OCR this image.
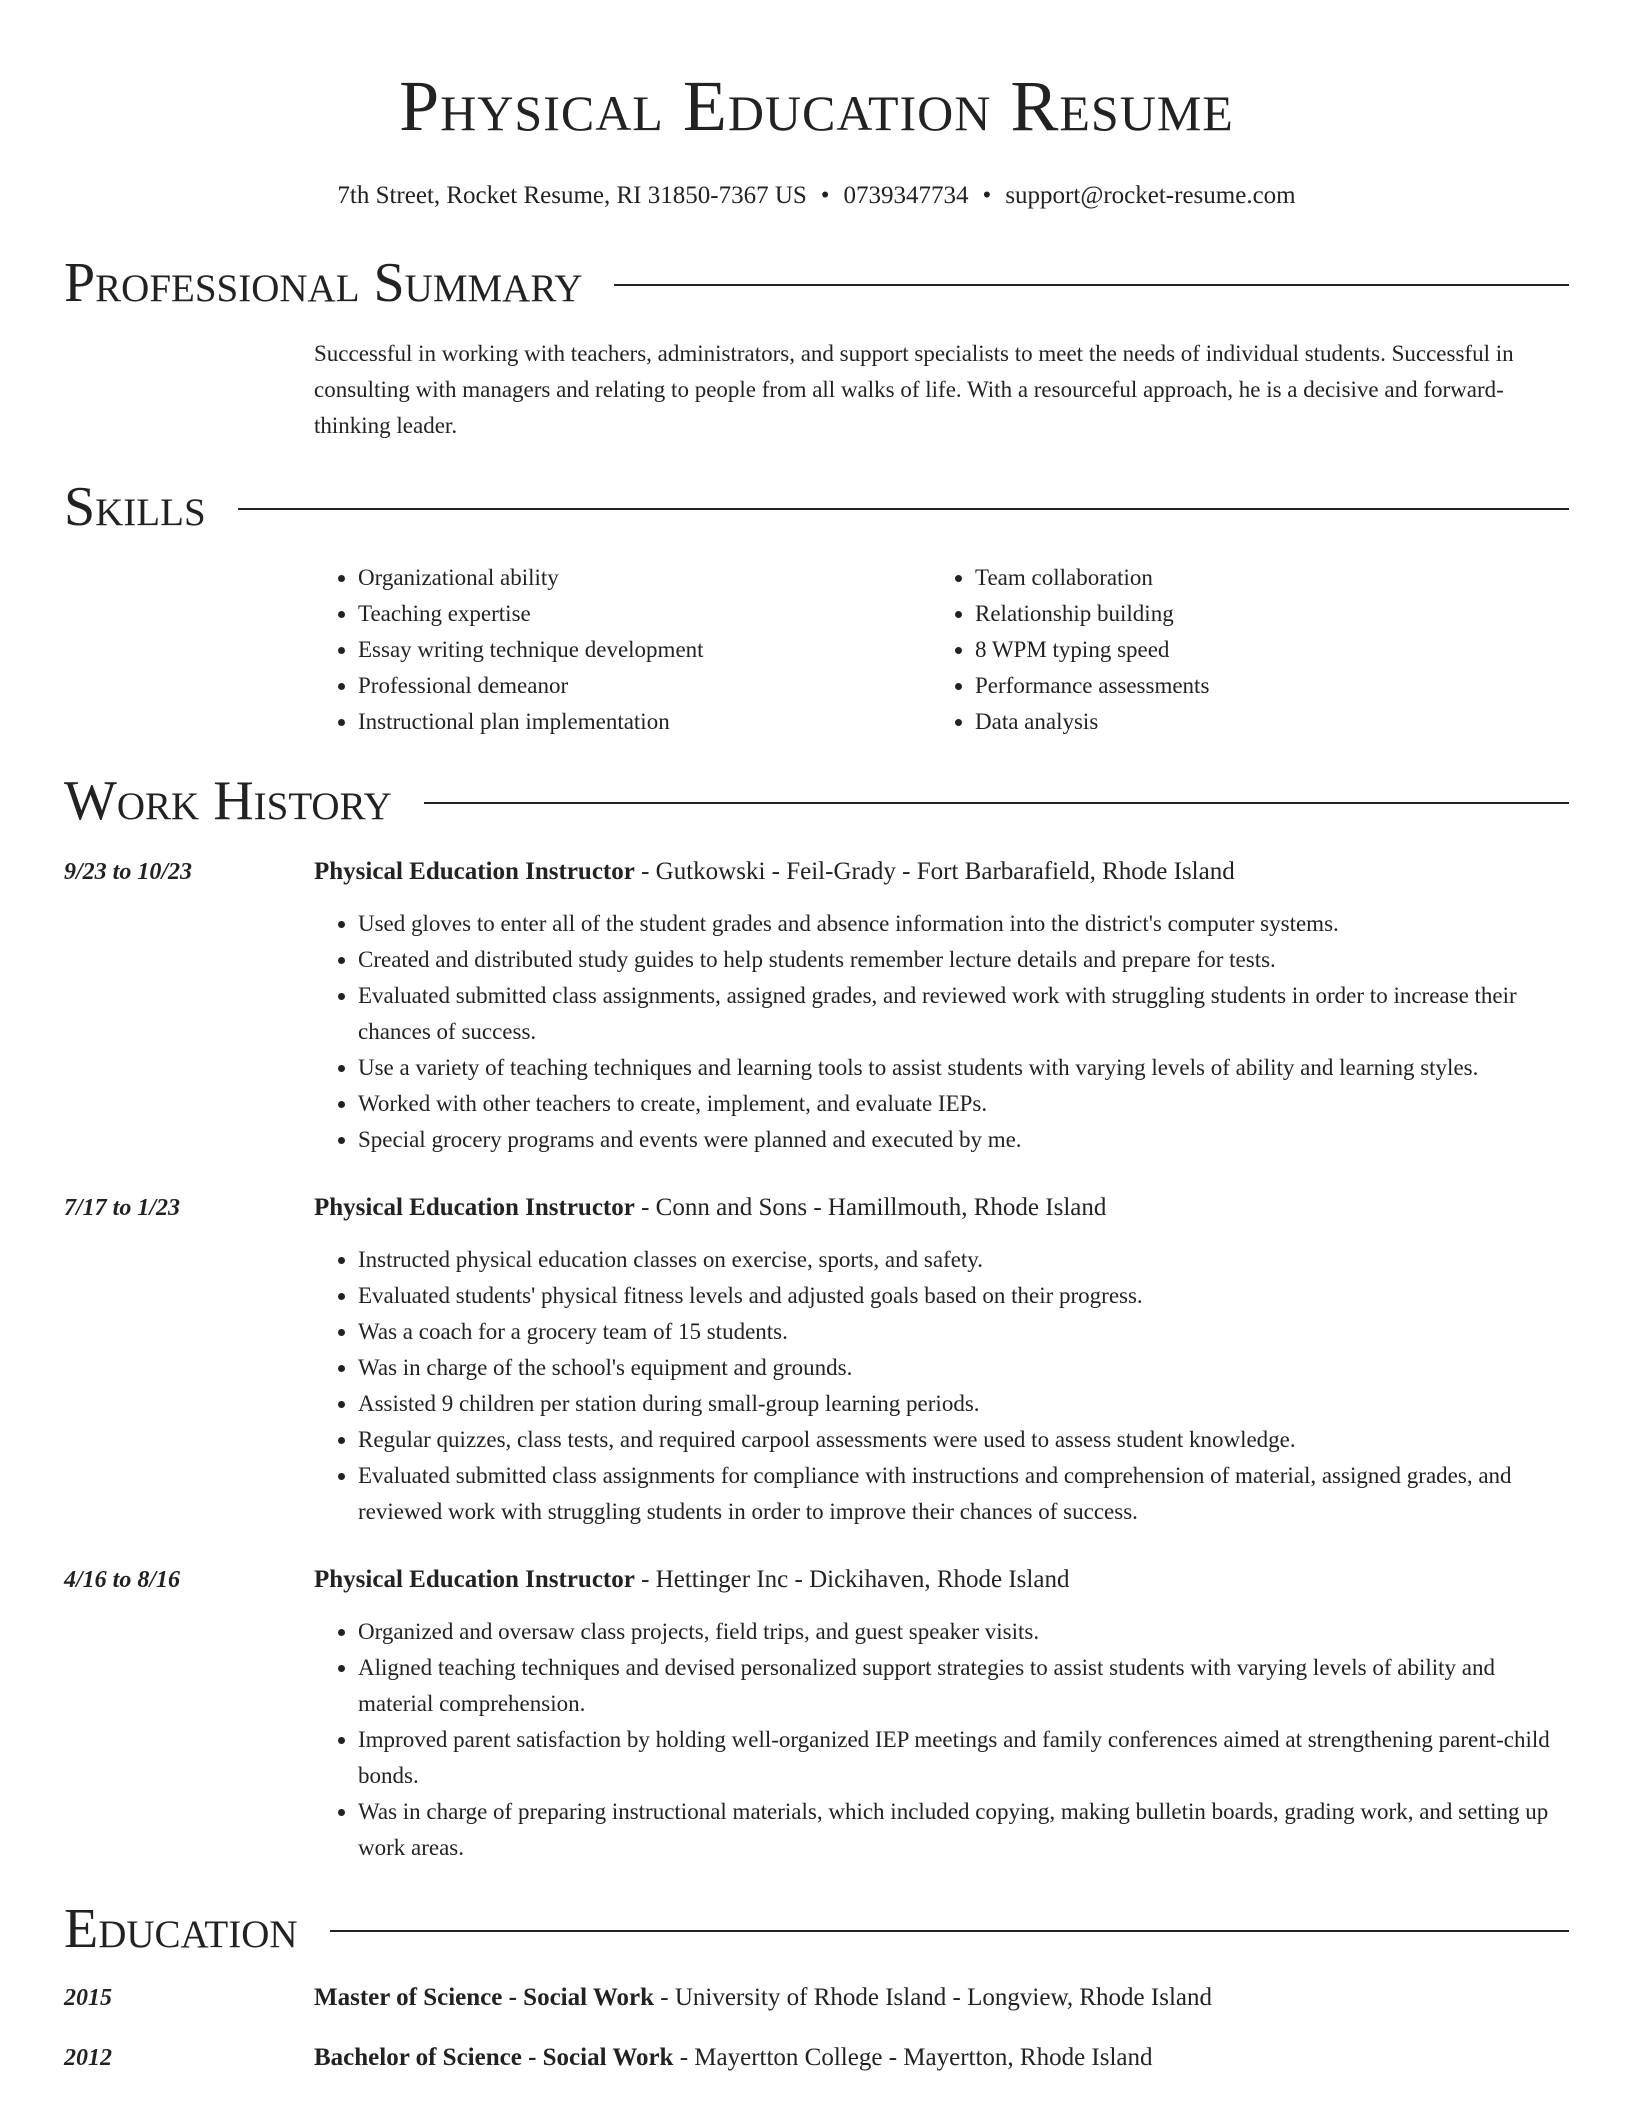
Physical Education Resume
7th Street, Rocket Resume, RI 31850-7367 US • 0739347734 • support@rocket-resume.com
Professional Summary
Successful in working with teachers, administrators, and support specialists to meet the needs of individual students. Successful in consulting with managers and relating to people from all walks of life. With a resourceful approach, he is a decisive and forward-thinking leader.
Skills
• Organizational ability
• Teaching expertise
• Essay writing technique development
• Professional demeanor
• Instructional plan implementation
• Team collaboration
• Relationship building
• 8 WPM typing speed
• Performance assessments
• Data analysis
Work History
9/23 to 10/23	Physical Education Instructor - Gutkowski - Feil-Grady - Fort Barbarafield, Rhode Island
• Used gloves to enter all of the student grades and absence information into the district's computer systems.
• Created and distributed study guides to help students remember lecture details and prepare for tests.
• Evaluated submitted class assignments, assigned grades, and reviewed work with struggling students in order to increase their chances of success.
• Use a variety of teaching techniques and learning tools to assist students with varying levels of ability and learning styles.
• Worked with other teachers to create, implement, and evaluate IEPs.
• Special grocery programs and events were planned and executed by me.
7/17 to 1/23	Physical Education Instructor - Conn and Sons - Hamillmouth, Rhode Island
• Instructed physical education classes on exercise, sports, and safety.
• Evaluated students' physical fitness levels and adjusted goals based on their progress.
• Was a coach for a grocery team of 15 students.
• Was in charge of the school's equipment and grounds.
• Assisted 9 children per station during small-group learning periods.
• Regular quizzes, class tests, and required carpool assessments were used to assess student knowledge.
• Evaluated submitted class assignments for compliance with instructions and comprehension of material, assigned grades, and reviewed work with struggling students in order to improve their chances of success.
4/16 to 8/16	Physical Education Instructor - Hettinger Inc - Dickihaven, Rhode Island
• Organized and oversaw class projects, field trips, and guest speaker visits.
• Aligned teaching techniques and devised personalized support strategies to assist students with varying levels of ability and material comprehension.
• Improved parent satisfaction by holding well-organized IEP meetings and family conferences aimed at strengthening parent-child bonds.
• Was in charge of preparing instructional materials, which included copying, making bulletin boards, grading work, and setting up work areas.
Education
2015	Master of Science - Social Work - University of Rhode Island - Longview, Rhode Island
2012	Bachelor of Science - Social Work - Mayertton College - Mayertton, Rhode Island
